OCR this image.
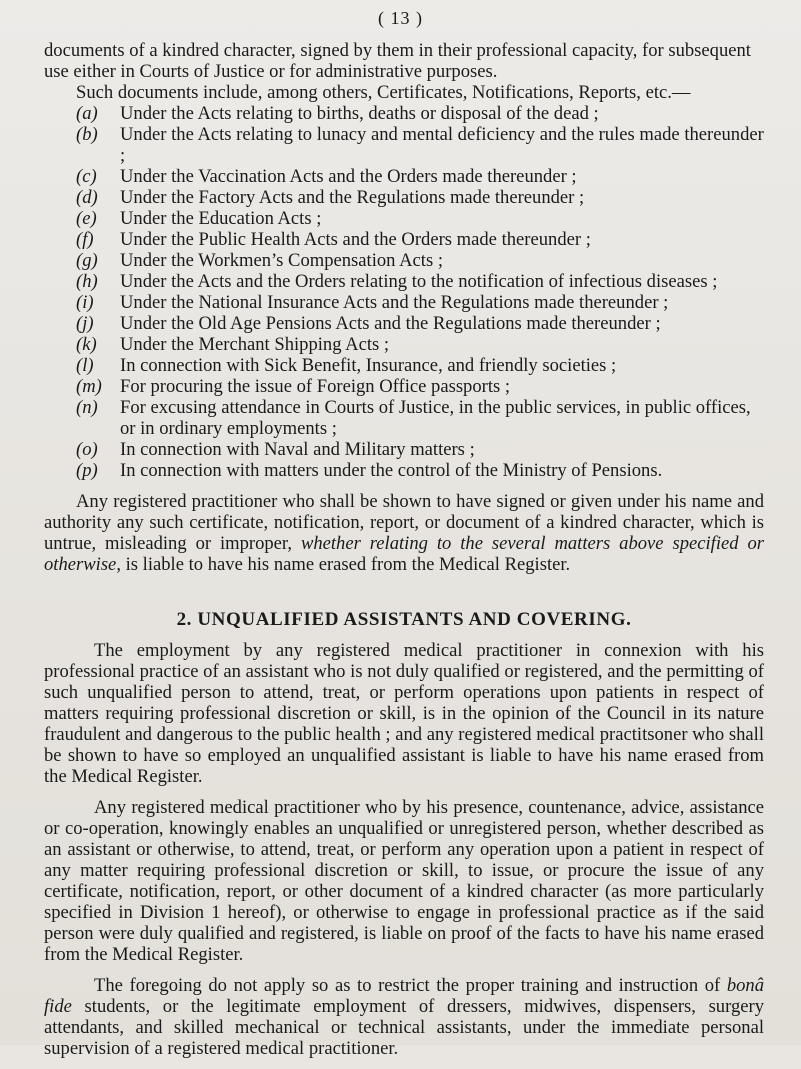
( 13 )

documents of a kindred character, signed by them in their professional capacity, for subsequent use either in Courts of Justice or for administrative purposes.

Such documents include, among others, Certificates, Notifications, Reports, etc.—

(a) Under the Acts relating to births, deaths or disposal of the dead ;
(b) Under the Acts relating to lunacy and mental deficiency and the rules made thereunder ;
(c) Under the Vaccination Acts and the Orders made thereunder ;
(d) Under the Factory Acts and the Regulations made thereunder ;
(e) Under the Education Acts ;
(f) Under the Public Health Acts and the Orders made thereunder ;
(g) Under the Workmen’s Compensation Acts ;
(h) Under the Acts and the Orders relating to the notification of infectious diseases ;
(i) Under the National Insurance Acts and the Regulations made thereunder ;
(j) Under the Old Age Pensions Acts and the Regulations made thereunder ;
(k) Under the Merchant Shipping Acts ;
(l) In connection with Sick Benefit, Insurance, and friendly societies ;
(m) For procuring the issue of Foreign Office passports ;
(n) For excusing attendance in Courts of Justice, in the public services, in public offices, or in ordinary employments ;
(o) In connection with Naval and Military matters ;
(p) In connection with matters under the control of the Ministry of Pensions.

Any registered practitioner who shall be shown to have signed or given under his name and authority any such certificate, notification, report, or document of a kindred character, which is untrue, misleading or improper, whether relating to the several matters above specified or otherwise, is liable to have his name erased from the Medical Register.

2. UNQUALIFIED ASSISTANTS AND COVERING.

The employment by any registered medical practitioner in connexion with his professional practice of an assistant who is not duly qualified or registered, and the permitting of such unqualified person to attend, treat, or perform operations upon patients in respect of matters requiring professional discretion or skill, is in the opinion of the Council in its nature fraudulent and dangerous to the public health ; and any registered medical practitsoner who shall be shown to have so employed an unqualified assistant is liable to have his name erased from the Medical Register.

Any registered medical practitioner who by his presence, countenance, advice, assistance or co-operation, knowingly enables an unqualified or unregistered person, whether described as an assistant or otherwise, to attend, treat, or perform any operation upon a patient in respect of any matter requiring professional discretion or skill, to issue, or procure the issue of any certificate, notification, report, or other document of a kindred character (as more particularly specified in Division 1 hereof), or otherwise to engage in professional practice as if the said person were duly qualified and registered, is liable on proof of the facts to have his name erased from the Medical Register.

The foregoing do not apply so as to restrict the proper training and instruction of bonâ fide students, or the legitimate employment of dressers, midwives, dispensers, surgery attendants, and skilled mechanical or technical assistants, under the immediate personal supervision of a registered medical practitioner.
